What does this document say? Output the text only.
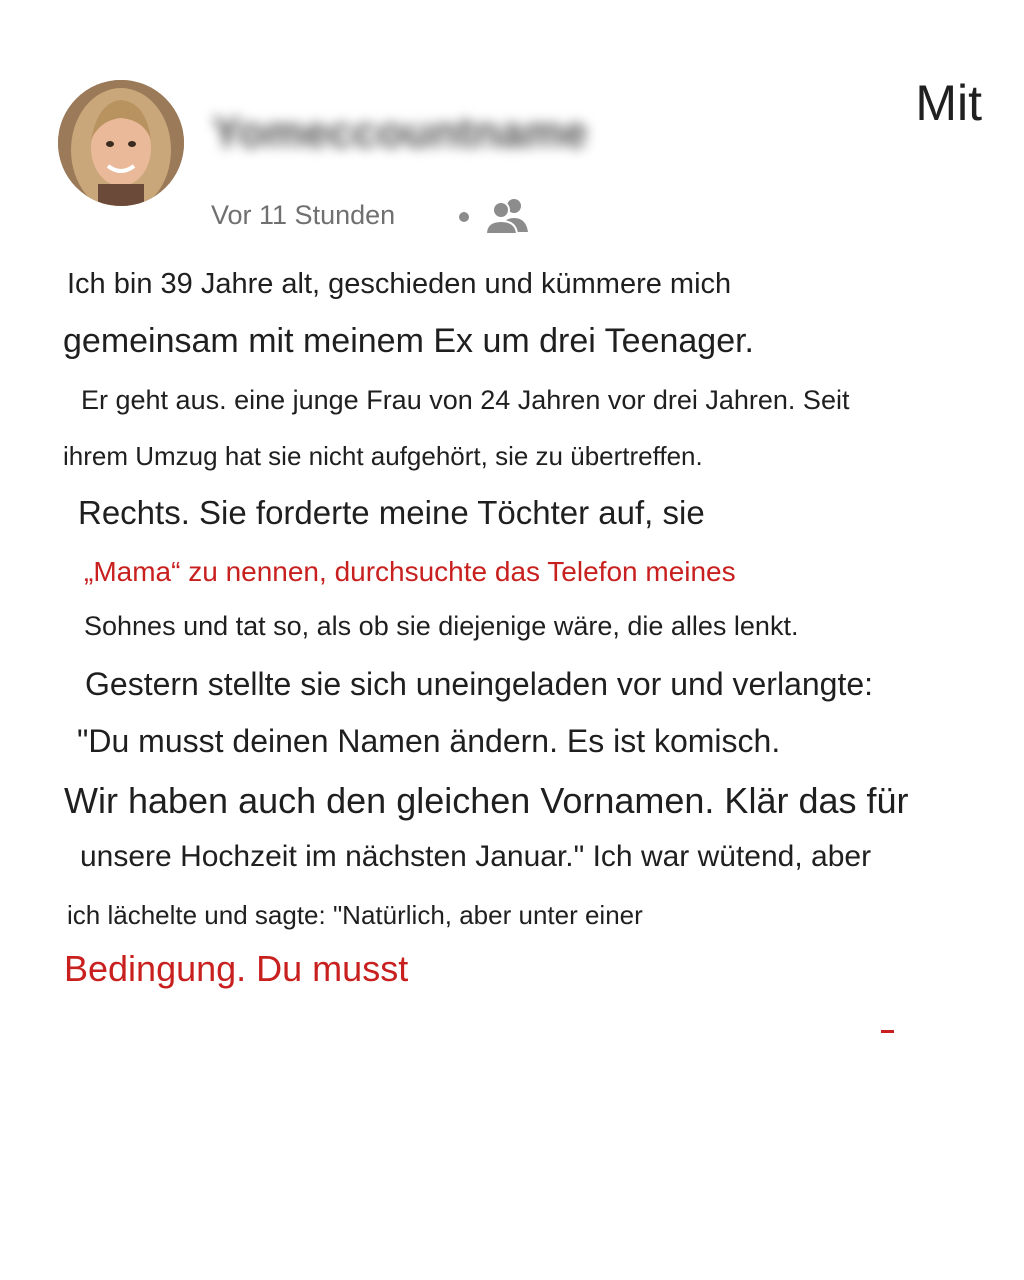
Yomeccountname
Mit
Vor 11 Stunden
Ich bin 39 Jahre alt, geschieden und kümmere mich
gemeinsam mit meinem Ex um drei Teenager.
Er geht aus. eine junge Frau von 24 Jahren vor drei Jahren. Seit
ihrem Umzug hat sie nicht aufgehört, sie zu übertreffen.
Rechts. Sie forderte meine Töchter auf, sie
„Mama“ zu nennen, durchsuchte das Telefon meines
Sohnes und tat so, als ob sie diejenige wäre, die alles lenkt.
Gestern stellte sie sich uneingeladen vor und verlangte:
"Du musst deinen Namen ändern. Es ist komisch.
Wir haben auch den gleichen Vornamen. Klär das für
unsere Hochzeit im nächsten Januar." Ich war wütend, aber
ich lächelte und sagte: "Natürlich, aber unter einer
Bedingung. Du musst
